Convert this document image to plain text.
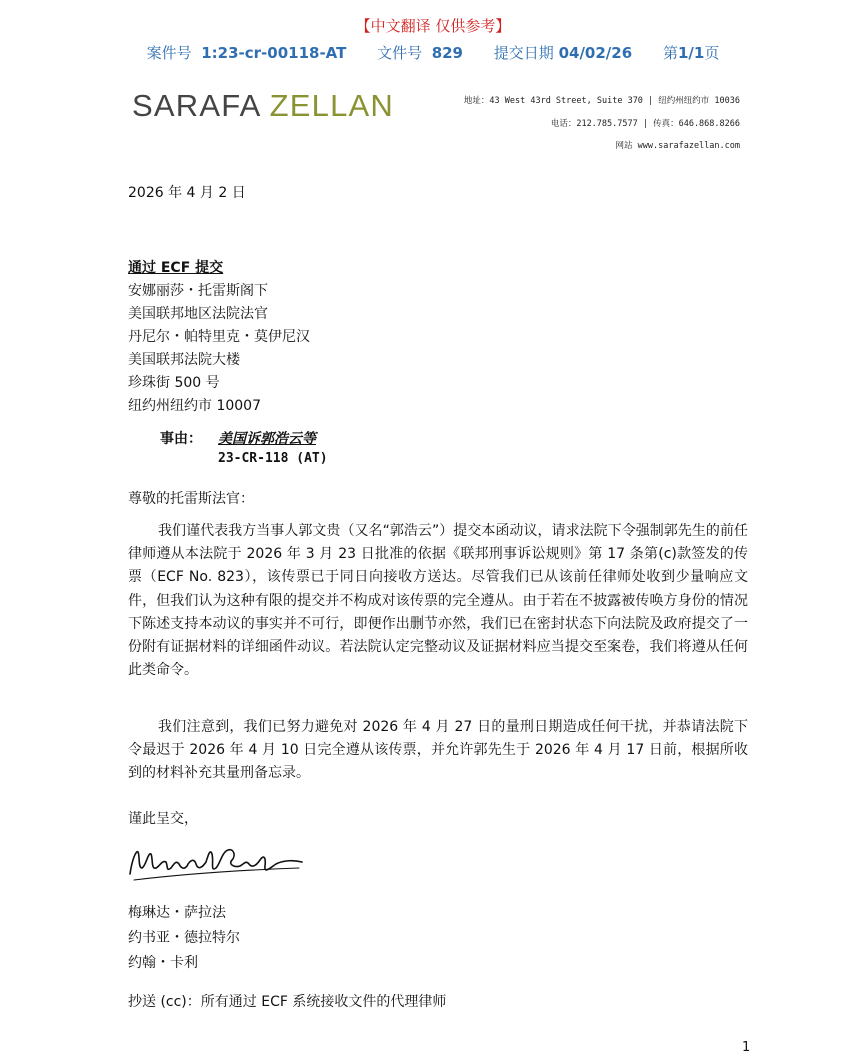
【中文翻译 仅供参考】
案件号 1:23-cr-00118-AT 文件号 829 提交日期 04/02/26 第1/1页
SARAFA ZELLAN	地址：43 West 43rd Street, Suite 370 | 纽约州纽约市 10036
电话：212.785.7577 | 传真：646.868.8266
网站 www.sarafazellan.com
2026 年 4 月 2 日
通过 ECF 提交
安娜丽莎・托雷斯阁下
美国联邦地区法院法官
丹尼尔・帕特里克・莫伊尼汉
美国联邦法院大楼
珍珠街 500 号
纽约州纽约市 10007
事由： 美国诉郭浩云等
23-CR-118 (AT)
尊敬的托雷斯法官：
我们谨代表我方当事人郭文贵（又名“郭浩云”）提交本函动议，请求法院下令强制郭先生的前任律师遵从本法院于 2026 年 3 月 23 日批准的依据《联邦刑事诉讼规则》第 17 条第(c)款签发的传票（ECF No. 823），该传票已于同日向接收方送达。尽管我们已从该前任律师处收到少量响应文件，但我们认为这种有限的提交并不构成对该传票的完全遵从。由于若在不披露被传唤方身份的情况下陈述支持本动议的事实并不可行，即便作出删节亦然，我们已在密封状态下向法院及政府提交了一份附有证据材料的详细函件动议。若法院认定完整动议及证据材料应当提交至案卷，我们将遵从任何此类命令。
我们注意到，我们已努力避免对 2026 年 4 月 27 日的量刑日期造成任何干扰，并恭请法院下令最迟于 2026 年 4 月 10 日完全遵从该传票，并允许郭先生于 2026 年 4 月 17 日前，根据所收到的材料补充其量刑备忘录。
谨此呈交，
梅琳达・萨拉法
约书亚・德拉特尔
约翰・卡利
抄送 (cc)：所有通过 ECF 系统接收文件的代理律师
1
